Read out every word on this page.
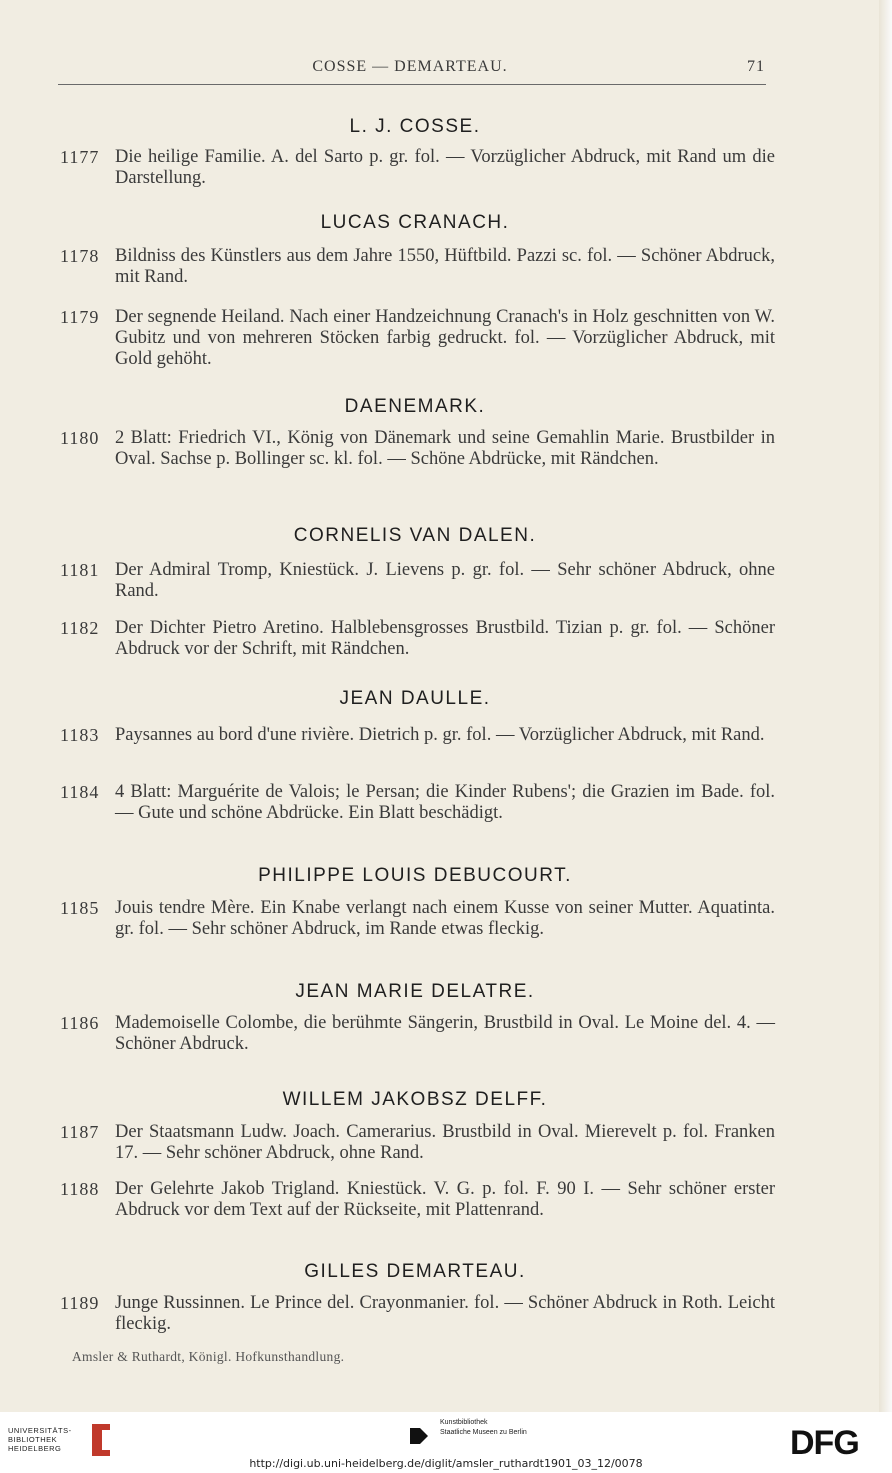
COSSE — DEMARTEAU.	71
L. J. COSSE.
1177 Die heilige Familie. A. del Sarto p. gr. fol. — Vorzüglicher Abdruck, mit Rand um die Darstellung.
LUCAS CRANACH.
1178 Bildniss des Künstlers aus dem Jahre 1550, Hüftbild. Pazzi sc. fol. — Schöner Abdruck, mit Rand.
1179 Der segnende Heiland. Nach einer Handzeichnung Cranach's in Holz geschnitten von W. Gubitz und von mehreren Stöcken farbig gedruckt. fol. — Vorzüglicher Abdruck, mit Gold gehöht.
DAENEMARK.
1180 2 Blatt: Friedrich VI., König von Dänemark und seine Gemahlin Marie. Brustbilder in Oval. Sachse p. Bollinger sc. kl. fol. — Schöne Abdrücke, mit Rändchen.
CORNELIS VAN DALEN.
1181 Der Admiral Tromp, Kniestück. J. Lievens p. gr. fol. — Sehr schöner Abdruck, ohne Rand.
1182 Der Dichter Pietro Aretino. Halblebensgrosses Brustbild. Tizian p. gr. fol. — Schöner Abdruck vor der Schrift, mit Rändchen.
JEAN DAULLE.
1183 Paysannes au bord d'une rivière. Dietrich p. gr. fol. — Vorzüglicher Abdruck, mit Rand.
1184 4 Blatt: Marguérite de Valois; le Persan; die Kinder Rubens'; die Grazien im Bade. fol. — Gute und schöne Abdrücke. Ein Blatt beschädigt.
PHILIPPE LOUIS DEBUCOURT.
1185 Jouis tendre Mère. Ein Knabe verlangt nach einem Kusse von seiner Mutter. Aquatinta. gr. fol. — Sehr schöner Abdruck, im Rande etwas fleckig.
JEAN MARIE DELATRE.
1186 Mademoiselle Colombe, die berühmte Sängerin, Brustbild in Oval. Le Moine del. 4. — Schöner Abdruck.
WILLEM JAKOBSZ DELFF.
1187 Der Staatsmann Ludw. Joach. Camerarius. Brustbild in Oval. Mierevelt p. fol. Franken 17. — Sehr schöner Abdruck, ohne Rand.
1188 Der Gelehrte Jakob Trigland. Kniestück. V. G. p. fol. F. 90 I. — Sehr schöner erster Abdruck vor dem Text auf der Rückseite, mit Plattenrand.
GILLES DEMARTEAU.
1189 Junge Russinnen. Le Prince del. Crayonmanier. fol. — Schöner Abdruck in Roth. Leicht fleckig.
Amsler & Ruthardt, Königl. Hofkunsthandlung.
UNIVERSITÄTS-
BIBLIOTHEK
HEIDELBERG
Kunstbibliothek
Staatliche Museen zu Berlin	DFG
http://digi.ub.uni-heidelberg.de/diglit/amsler_ruthardt1901_03_12/0078
